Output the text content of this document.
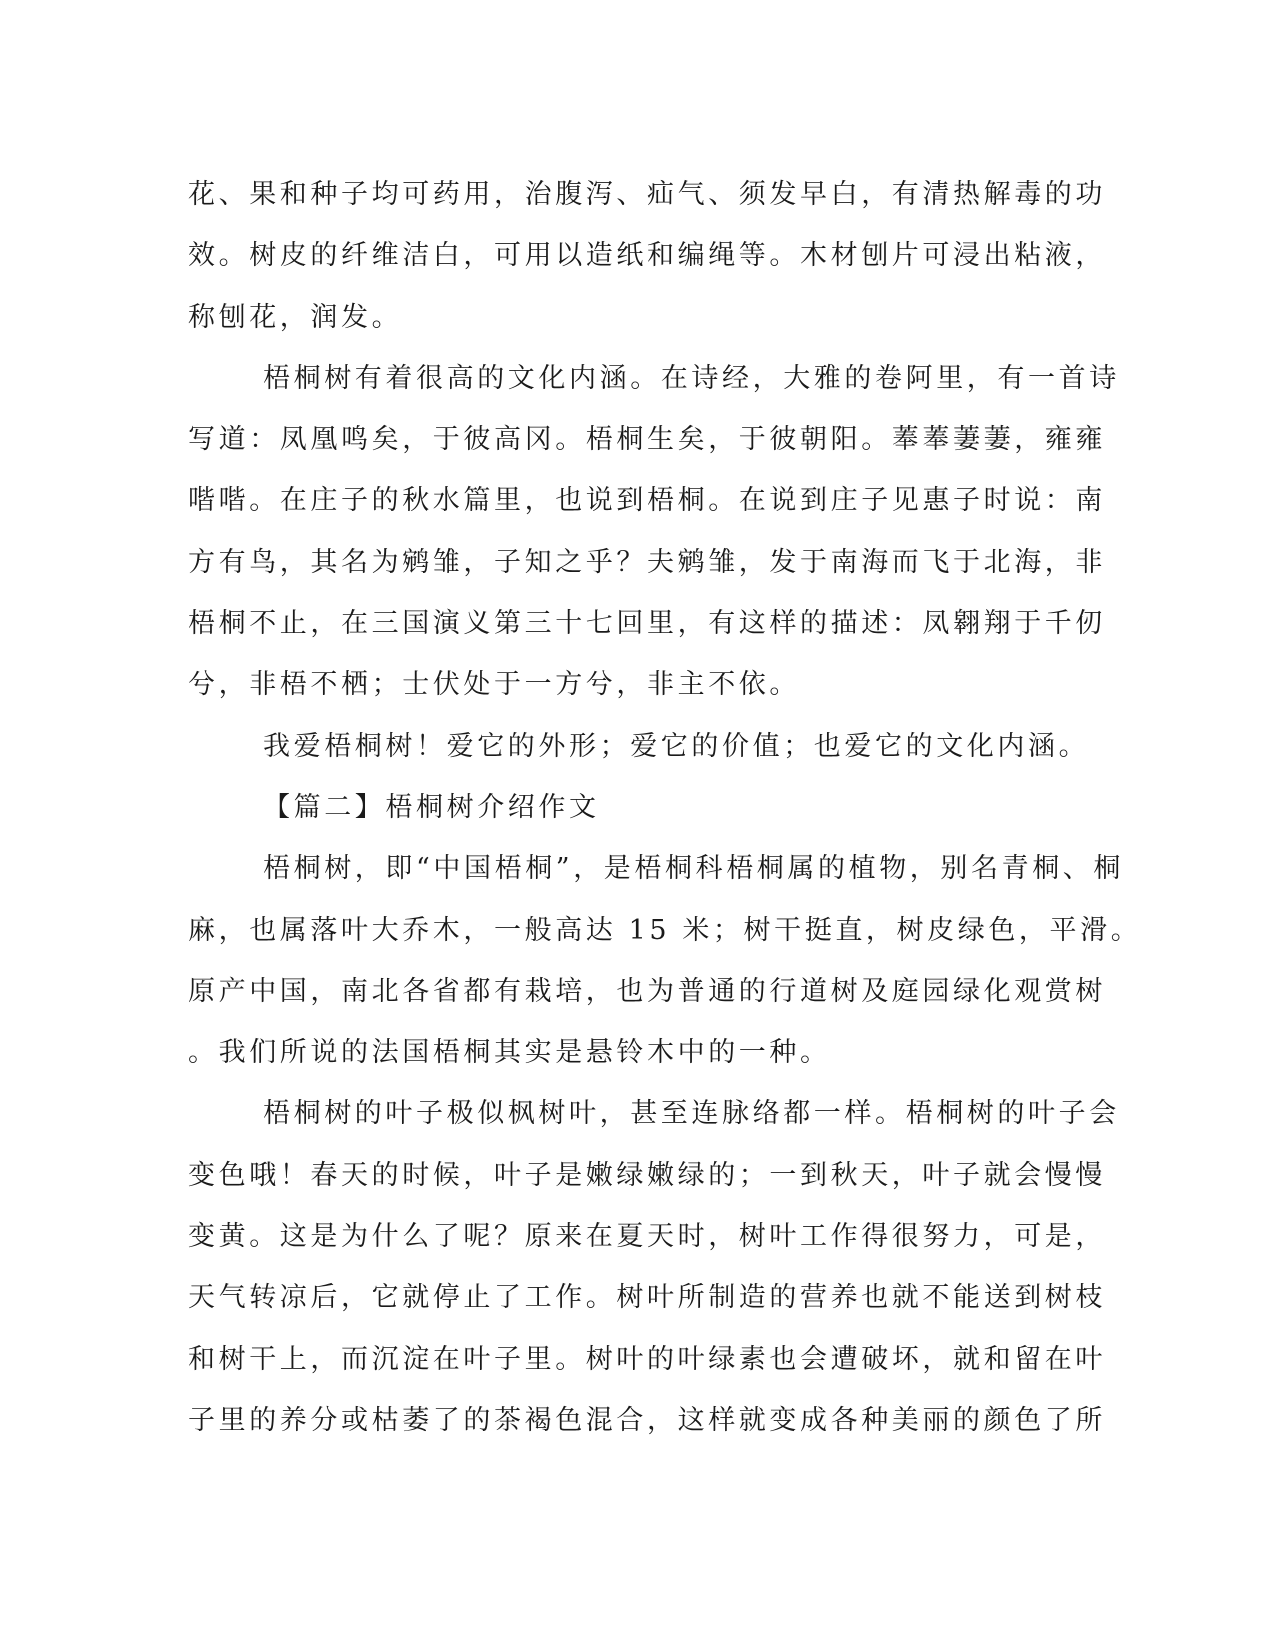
花、果和种子均可药用，治腹泻、疝气、须发早白，有清热解毒的功
效。树皮的纤维洁白，可用以造纸和编绳等。木材刨片可浸出粘液，
称刨花，润发。
梧桐树有着很高的文化内涵。在诗经，大雅的卷阿里，有一首诗
写道：凤凰鸣矣，于彼高冈。梧桐生矣，于彼朝阳。菶菶萋萋，雍雍
喈喈。在庄子的秋水篇里，也说到梧桐。在说到庄子见惠子时说：南
方有鸟，其名为鹓雏，子知之乎？夫鹓雏，发于南海而飞于北海，非
梧桐不止，在三国演义第三十七回里，有这样的描述：凤翱翔于千仞
兮，非梧不栖；士伏处于一方兮，非主不依。
我爱梧桐树！爱它的外形；爱它的价值；也爱它的文化内涵。
【篇二】梧桐树介绍作文
梧桐树，即“中国梧桐”，是梧桐科梧桐属的植物，别名青桐、桐
麻，也属落叶大乔木，一般高达 15 米；树干挺直，树皮绿色，平滑。
原产中国，南北各省都有栽培，也为普通的行道树及庭园绿化观赏树
。我们所说的法国梧桐其实是悬铃木中的一种。
梧桐树的叶子极似枫树叶，甚至连脉络都一样。梧桐树的叶子会
变色哦！春天的时候，叶子是嫩绿嫩绿的；一到秋天，叶子就会慢慢
变黄。这是为什么了呢？原来在夏天时，树叶工作得很努力，可是，
天气转凉后，它就停止了工作。树叶所制造的营养也就不能送到树枝
和树干上，而沉淀在叶子里。树叶的叶绿素也会遭破坏，就和留在叶
子里的养分或枯萎了的茶褐色混合，这样就变成各种美丽的颜色了所
